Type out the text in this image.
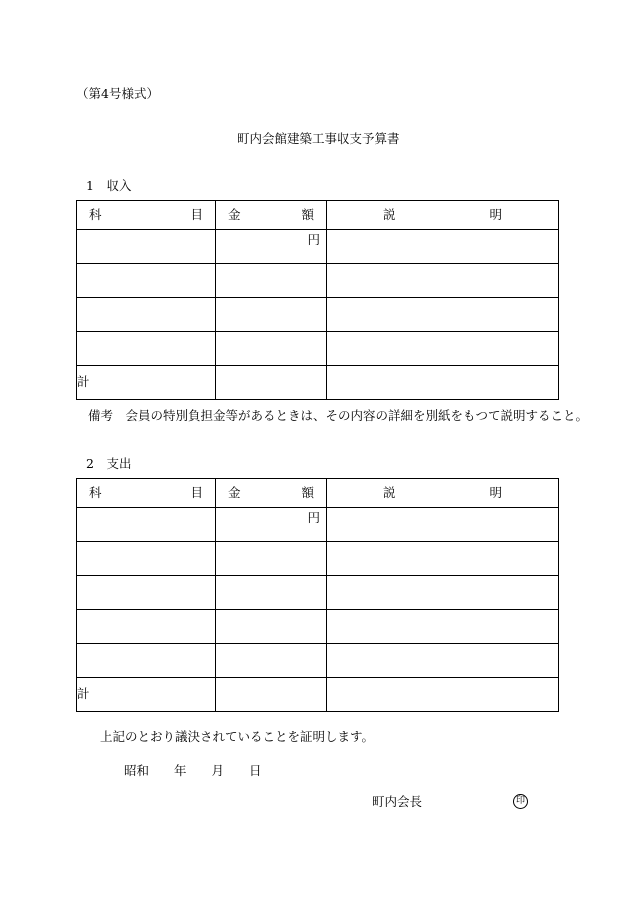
（第4号様式）
町内会館建築工事収支予算書
1　収入
科 目	金 額	説 明

	円	

計		
備考　会員の特別負担金等があるときは、その内容の詳細を別紙をもつて説明すること。
2　支出
科 目	金 額	説 明

	円	

計		
上記のとおり議決されていることを証明します。
昭和　　年　　月　　日
町内会長	印
